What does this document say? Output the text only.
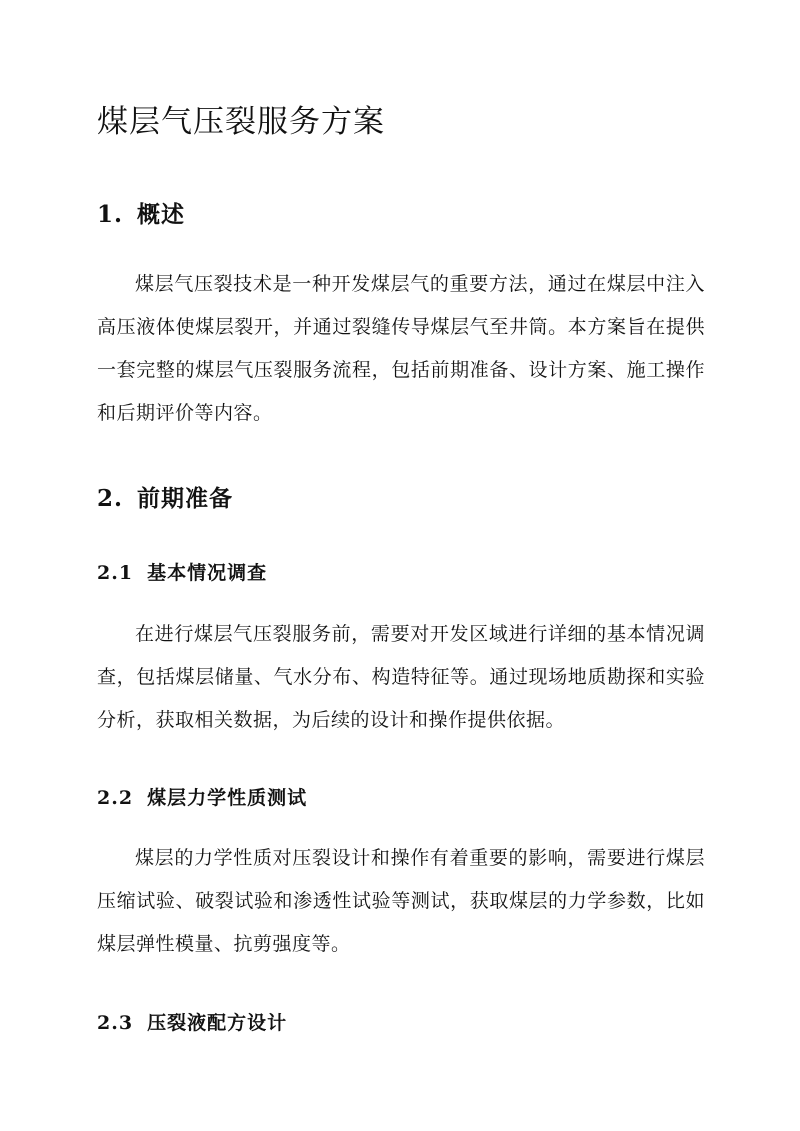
煤层气压裂服务方案
1. 概述

煤层气压裂技术是一种开发煤层气的重要方法，通过在煤层中注入高压液体使煤层裂开，并通过裂缝传导煤层气至井筒。本方案旨在提供一套完整的煤层气压裂服务流程，包括前期准备、设计方案、施工操作和后期评价等内容。

2. 前期准备
2.1 基本情况调查

在进行煤层气压裂服务前，需要对开发区域进行详细的基本情况调查，包括煤层储量、气水分布、构造特征等。通过现场地质勘探和实验分析，获取相关数据，为后续的设计和操作提供依据。

2.2 煤层力学性质测试

煤层的力学性质对压裂设计和操作有着重要的影响，需要进行煤层压缩试验、破裂试验和渗透性试验等测试，获取煤层的力学参数，比如煤层弹性模量、抗剪强度等。

2.3 压裂液配方设计
